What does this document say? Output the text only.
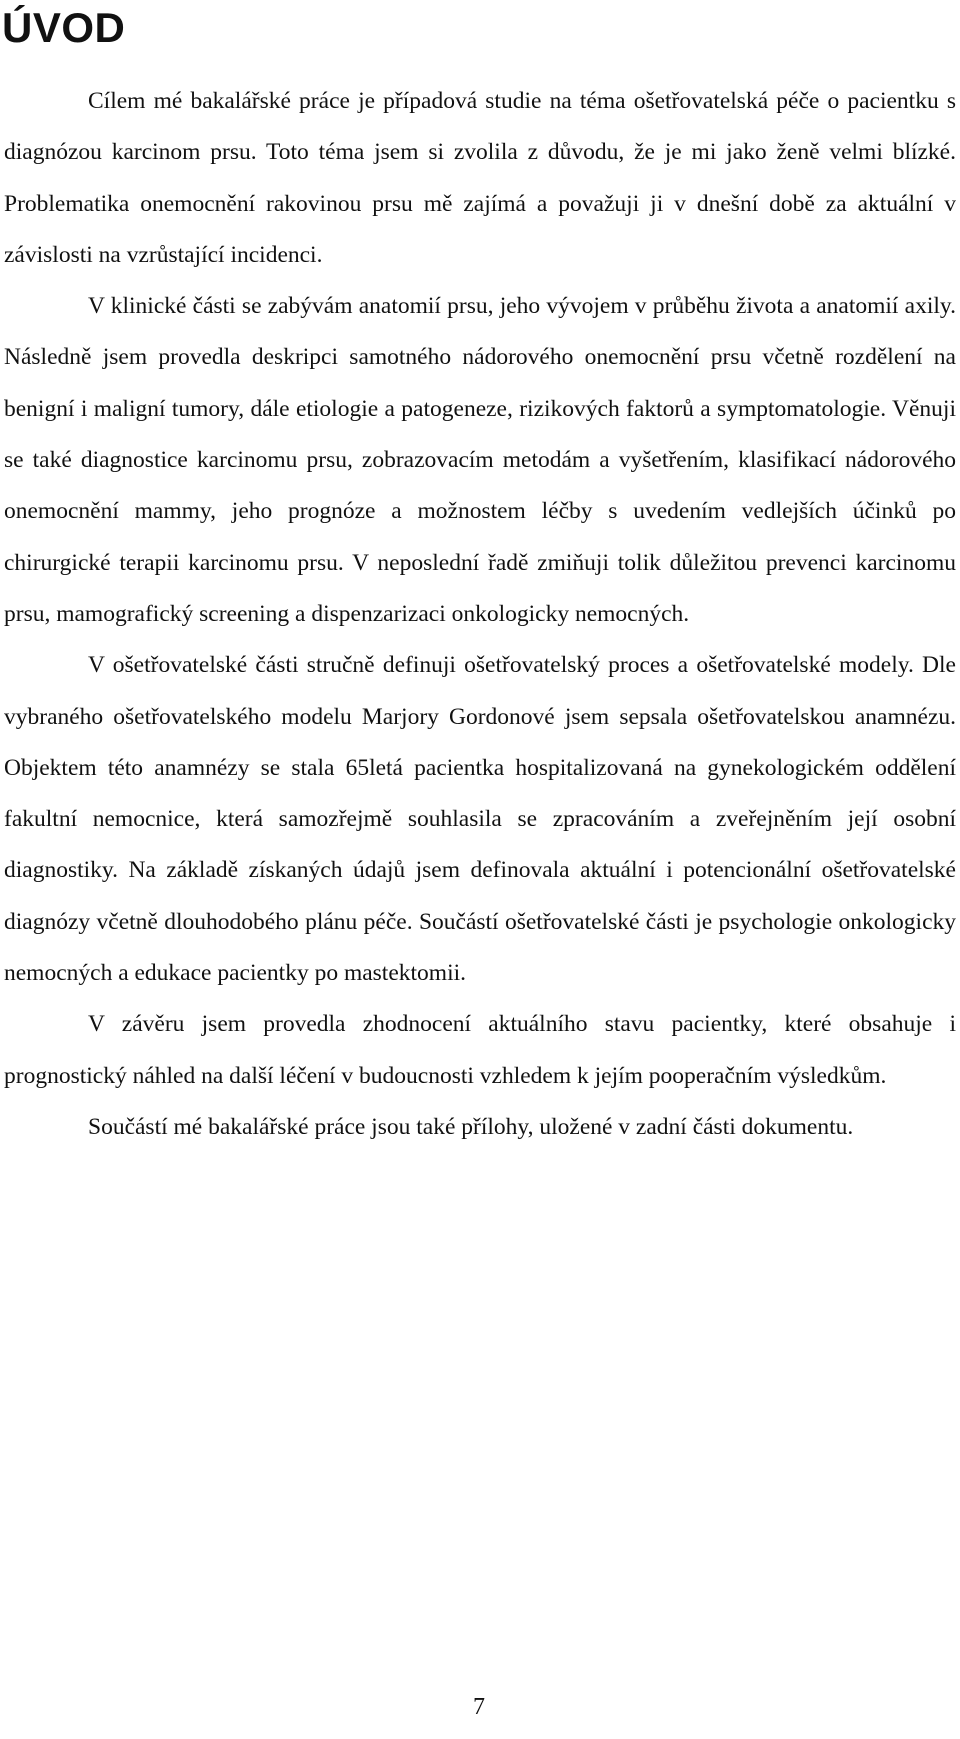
ÚVOD

Cílem mé bakalářské práce je případová studie na téma ošetřovatelská péče o pacientku s diagnózou karcinom prsu. Toto téma jsem si zvolila z důvodu, že je mi jako ženě velmi blízké. Problematika onemocnění rakovinou prsu mě zajímá a považuji ji v dnešní době za aktuální v závislosti na vzrůstající incidenci.

V klinické části se zabývám anatomií prsu, jeho vývojem v průběhu života a anatomií axily. Následně jsem provedla deskripci samotného nádorového onemocnění prsu včetně rozdělení na benigní i maligní tumory, dále etiologie a patogeneze, rizikových faktorů a symptomatologie. Věnuji se také diagnostice karcinomu prsu, zobrazovacím metodám a vyšetřením, klasifikací nádorového onemocnění mammy, jeho prognóze a možnostem léčby s uvedením vedlejších účinků po chirurgické terapii karcinomu prsu. V neposlední řadě zmiňuji tolik důležitou prevenci karcinomu prsu, mamografický screening a dispenzarizaci onkologicky nemocných.

V ošetřovatelské části stručně definuji ošetřovatelský proces a ošetřovatelské modely. Dle vybraného ošetřovatelského modelu Marjory Gordonové jsem sepsala ošetřovatelskou anamnézu. Objektem této anamnézy se stala 65letá pacientka hospitalizovaná na gynekologickém oddělení fakultní nemocnice, která samozřejmě souhlasila se zpracováním a zveřejněním její osobní diagnostiky. Na základě získaných údajů jsem definovala aktuální i potencionální ošetřovatelské diagnózy včetně dlouhodobého plánu péče. Součástí ošetřovatelské části je psychologie onkologicky nemocných a edukace pacientky po mastektomii.

V závěru jsem provedla zhodnocení aktuálního stavu pacientky, které obsahuje i prognostický náhled na další léčení v budoucnosti vzhledem k jejím pooperačním výsledkům.

Součástí mé bakalářské práce jsou také přílohy, uložené v zadní části dokumentu.

7
